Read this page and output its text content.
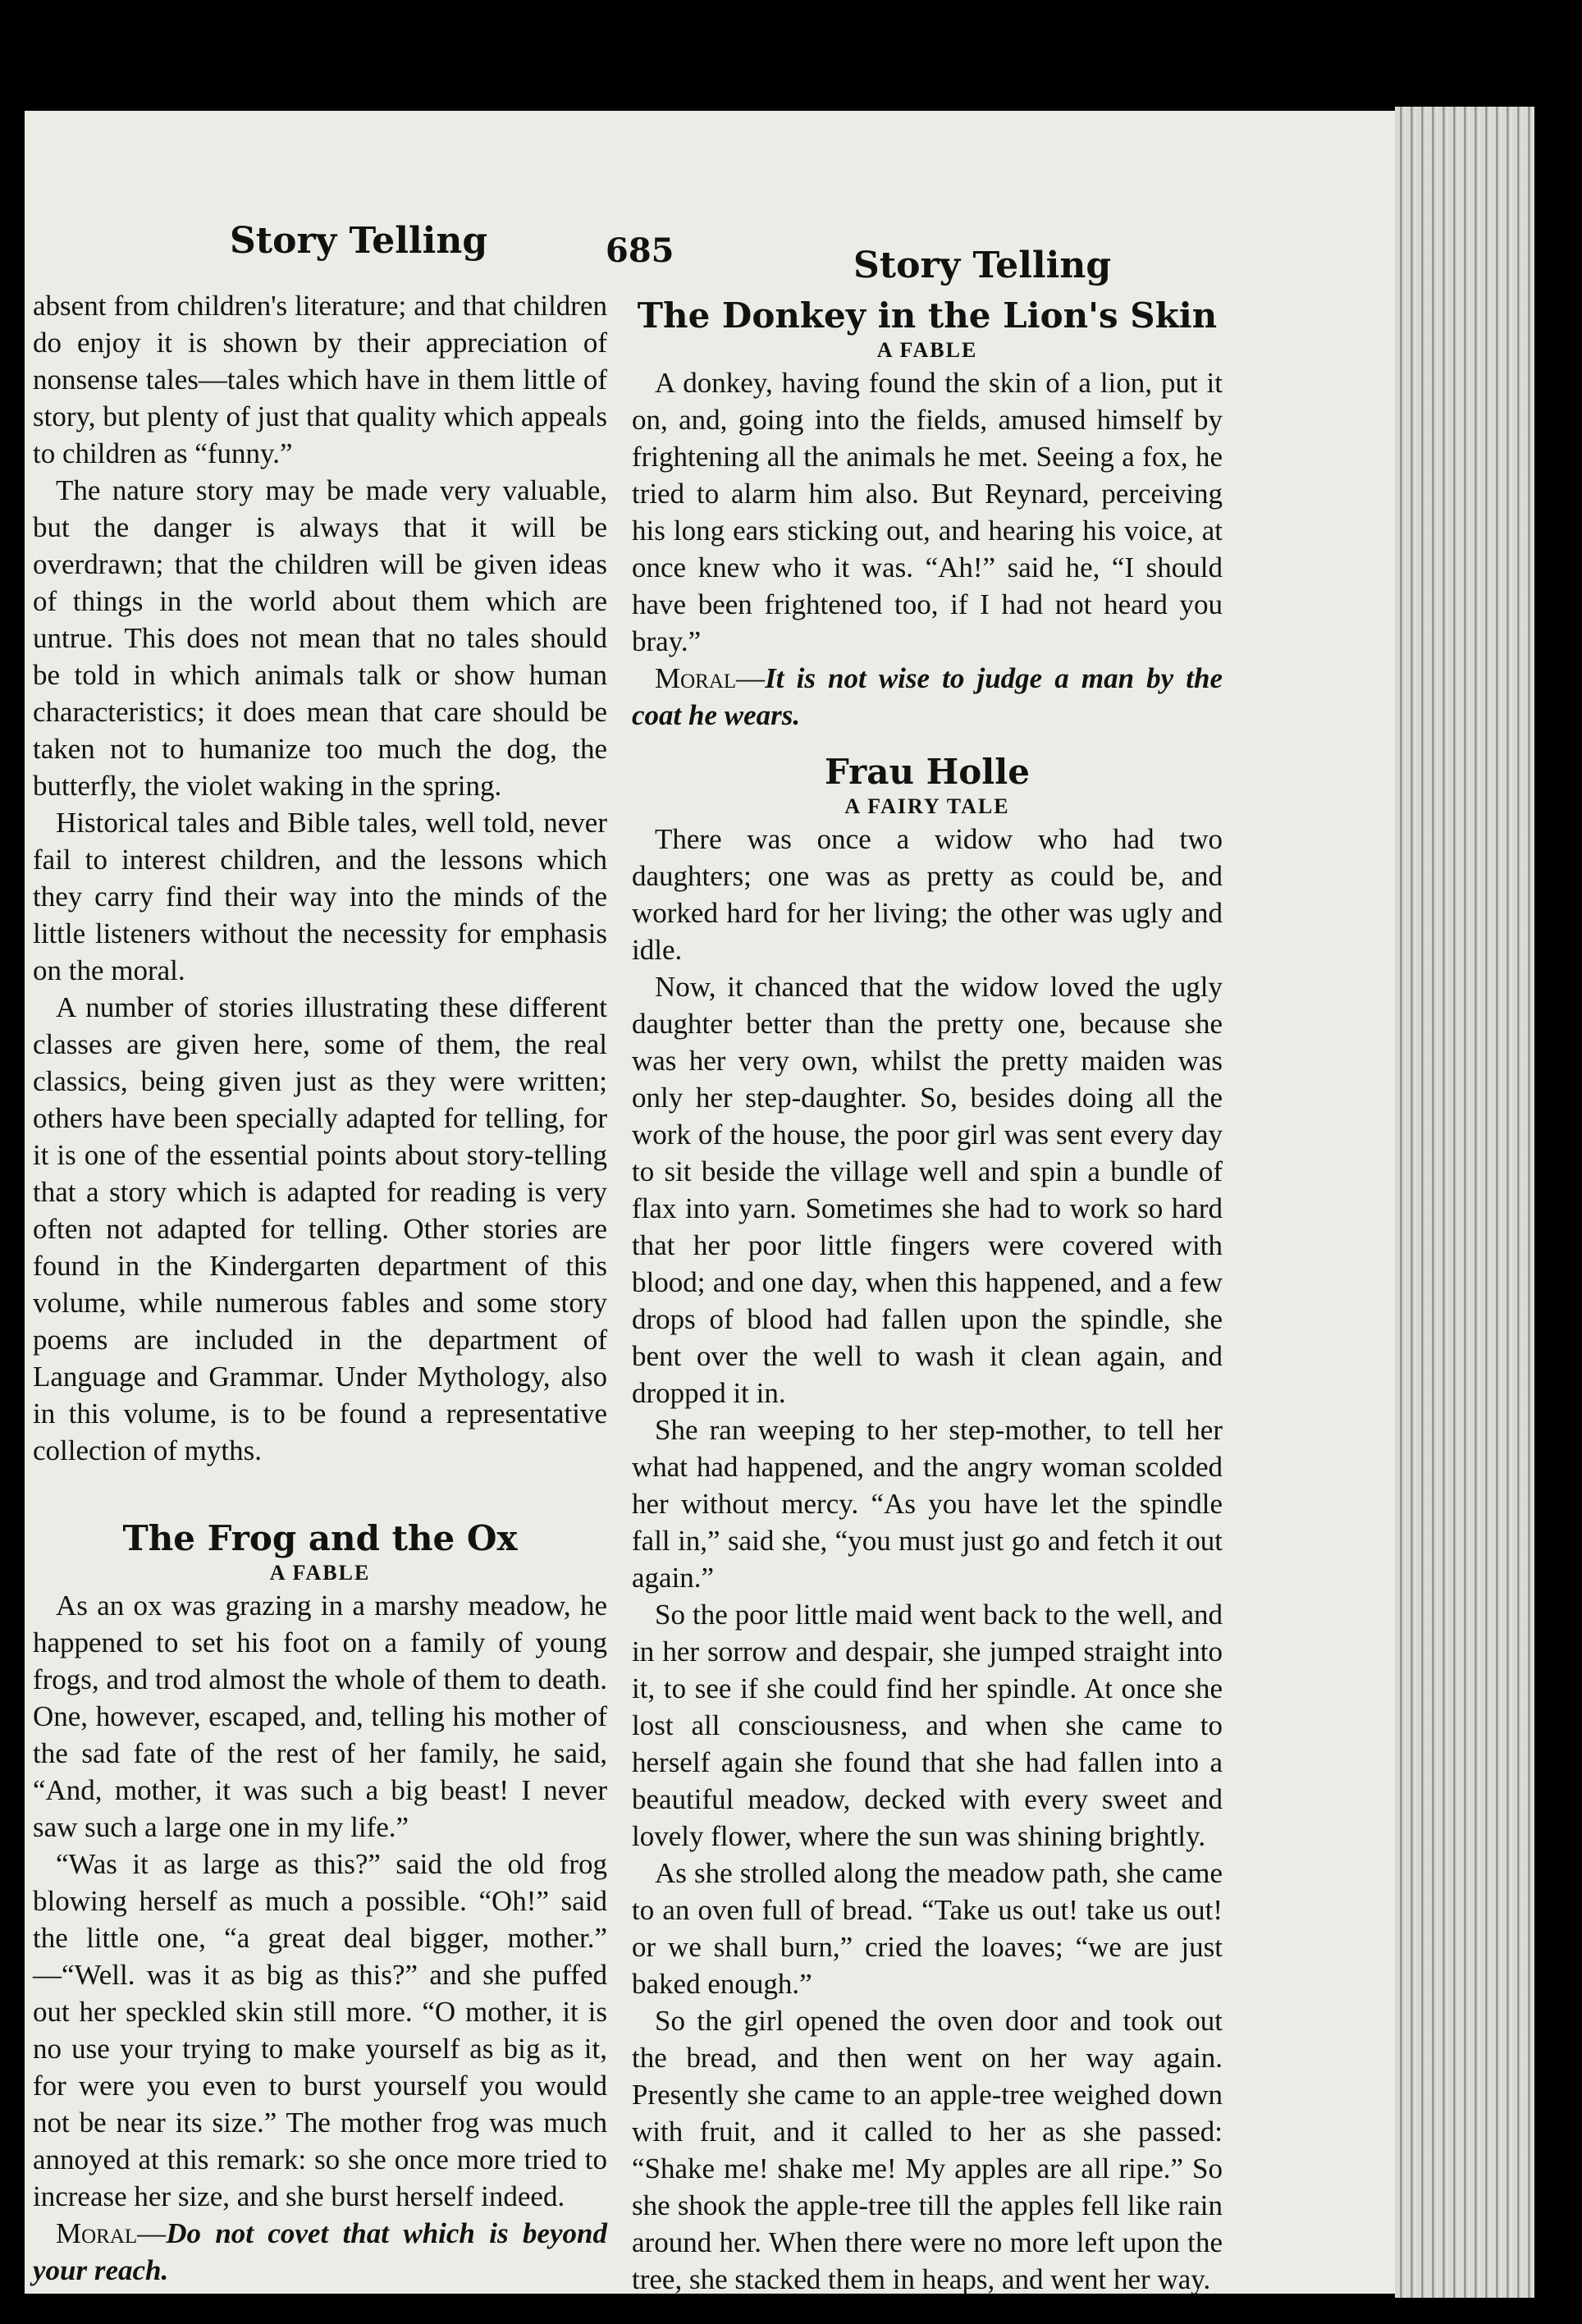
Story Telling	685	Story Telling

absent from children's literature; and that children do enjoy it is shown by their appreciation of nonsense tales—tales which have in them little of story, but plenty of just that quality which appeals to children as “funny.”

The nature story may be made very valuable, but the danger is always that it will be overdrawn; that the children will be given ideas of things in the world about them which are untrue. This does not mean that no tales should be told in which animals talk or show human characteristics; it does mean that care should be taken not to humanize too much the dog, the butterfly, the violet waking in the spring.

Historical tales and Bible tales, well told, never fail to interest children, and the lessons which they carry find their way into the minds of the little listeners without the necessity for emphasis on the moral.

A number of stories illustrating these different classes are given here, some of them, the real classics, being given just as they were written; others have been specially adapted for telling, for it is one of the essential points about story-telling that a story which is adapted for reading is very often not adapted for telling. Other stories are found in the Kindergarten department of this volume, while numerous fables and some story poems are included in the department of Language and Grammar. Under Mythology, also in this volume, is to be found a representative collection of myths.

The Frog and the Ox
A FABLE

As an ox was grazing in a marshy meadow, he happened to set his foot on a family of young frogs, and trod almost the whole of them to death. One, however, escaped, and, telling his mother of the sad fate of the rest of her family, he said, “And, mother, it was such a big beast! I never saw such a large one in my life.”

“Was it as large as this?” said the old frog blowing herself as much a possible. “Oh!” said the little one, “a great deal bigger, mother.” —“Well. was it as big as this?” and she puffed out her speckled skin still more. “O mother, it is no use your trying to make yourself as big as it, for were you even to burst yourself you would not be near its size.” The mother frog was much annoyed at this remark: so she once more tried to increase her size, and she burst herself indeed.

Moral—Do not covet that which is beyond your reach.

The Donkey in the Lion's Skin
A FABLE

A donkey, having found the skin of a lion, put it on, and, going into the fields, amused himself by frightening all the animals he met. Seeing a fox, he tried to alarm him also. But Reynard, perceiving his long ears sticking out, and hearing his voice, at once knew who it was. “Ah!” said he, “I should have been frightened too, if I had not heard you bray.”

Moral—It is not wise to judge a man by the coat he wears.

Frau Holle
A FAIRY TALE

There was once a widow who had two daughters; one was as pretty as could be, and worked hard for her living; the other was ugly and idle.

Now, it chanced that the widow loved the ugly daughter better than the pretty one, because she was her very own, whilst the pretty maiden was only her step-daughter. So, besides doing all the work of the house, the poor girl was sent every day to sit beside the village well and spin a bundle of flax into yarn. Sometimes she had to work so hard that her poor little fingers were covered with blood; and one day, when this happened, and a few drops of blood had fallen upon the spindle, she bent over the well to wash it clean again, and dropped it in.

She ran weeping to her step-mother, to tell her what had happened, and the angry woman scolded her without mercy. “As you have let the spindle fall in,” said she, “you must just go and fetch it out again.”

So the poor little maid went back to the well, and in her sorrow and despair, she jumped straight into it, to see if she could find her spindle. At once she lost all consciousness, and when she came to herself again she found that she had fallen into a beautiful meadow, decked with every sweet and lovely flower, where the sun was shining brightly.

As she strolled along the meadow path, she came to an oven full of bread. “Take us out! take us out! or we shall burn,” cried the loaves; “we are just baked enough.”

So the girl opened the oven door and took out the bread, and then went on her way again. Presently she came to an apple-tree weighed down with fruit, and it called to her as she passed: “Shake me! shake me! My apples are all ripe.” So she shook the apple-tree till the apples fell like rain around her. When there were no more left upon the tree, she stacked them in heaps, and went her way.
